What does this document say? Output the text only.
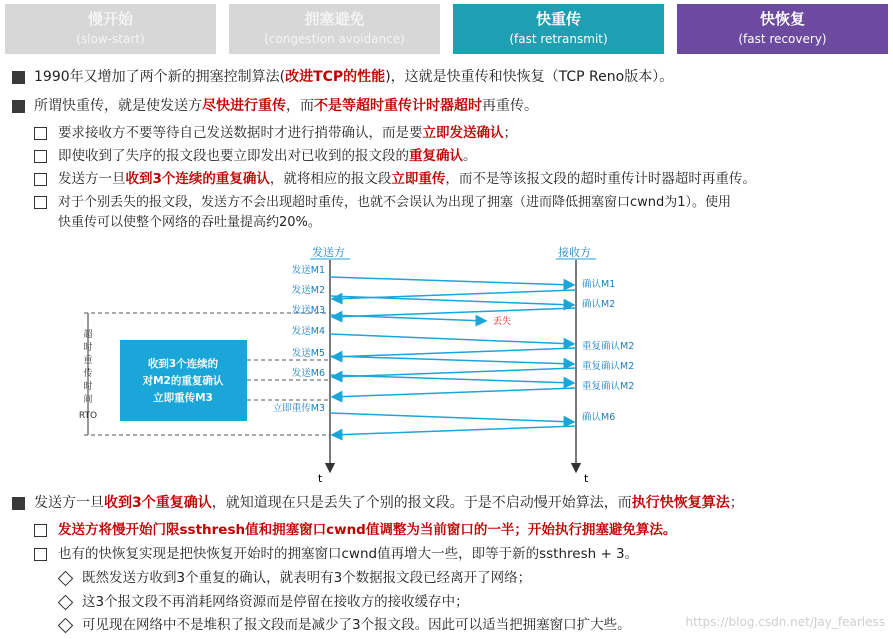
慢开始
(slow-start)
拥塞避免
(congestion avoidance)
快重传
(fast retransmit)
快恢复
(fast recovery)
1990年又增加了两个新的拥塞控制算法(改进TCP的性能)，这就是快重传和快恢复（TCP Reno版本）。
所谓快重传，就是使发送方尽快进行重传，而不是等超时重传计时器超时再重传。
要求接收方不要等待自己发送数据时才进行捎带确认，而是要立即发送确认；
即使收到了失序的报文段也要立即发出对已收到的报文段的重复确认。
发送方一旦收到3个连续的重复确认，就将相应的报文段立即重传，而不是等该报文段的超时重传计时器超时再重传。
对于个别丢失的报文段，发送方不会出现超时重传，也就不会误认为出现了拥塞（进而降低拥塞窗口cwnd为1）。使用
快重传可以使整个网络的吞吐量提高约20%。
发送方	接收方
t	t
超
时
重
传
时
间
RTO
收到3个连续的
对M2的重复确认
立即重传M3
发送M1
发送M2
发送M3
发送M4
发送M5
发送M6
立即重传M3
确认M1
确认M2
重复确认M2
重复确认M2
重复确认M2
确认M6
丢失
发送方一旦收到3个重复确认，就知道现在只是丢失了个别的报文段。于是不启动慢开始算法，而执行快恢复算法；
发送方将慢开始门限ssthresh值和拥塞窗口cwnd值调整为当前窗口的一半；开始执行拥塞避免算法。
也有的快恢复实现是把快恢复开始时的拥塞窗口cwnd值再增大一些，即等于新的ssthresh + 3。
既然发送方收到3个重复的确认，就表明有3个数据报文段已经离开了网络；
这3个报文段不再消耗网络资源而是停留在接收方的接收缓存中；
可见现在网络中不是堆积了报文段而是减少了3个报文段。因此可以适当把拥塞窗口扩大些。	https://blog.csdn.net/Jay_fearless
